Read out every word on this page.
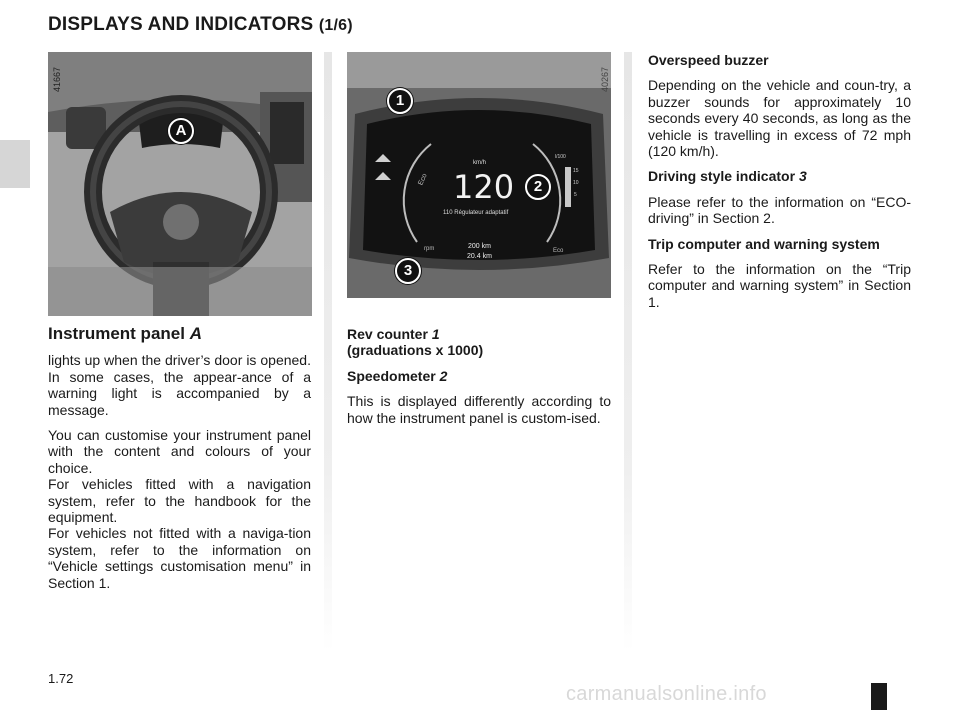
DISPLAYS AND INDICATORS (1/6)
A
41667
km/h
120
Eco
110 Régulateur adaptatif
rpm	200 km
20.4 km
Eco
l/100
15
10
5
1
2
3
40267
Instrument panel A

lights up when the driver’s door is opened. In some cases, the appear-ance of a warning light is accompanied by a message.

You can customise your instrument panel with the content and colours of your choice.

For vehicles fitted with a navigation system, refer to the handbook for the equipment.

For vehicles not fitted with a naviga-tion system, refer to the information on “Vehicle settings customisation menu” in Section 1.

Rev counter 1
(graduations x 1000)
Speedometer 2

This is displayed differently according to how the instrument panel is custom-ised.

Overspeed buzzer

Depending on the vehicle and coun-try, a buzzer sounds for approximately 10 seconds every 40 seconds, as long as the vehicle is travelling in excess of 72 mph (120 km/h).

Driving style indicator 3

Please refer to the information on “ECO-driving” in Section 2.

Trip computer and warning system

Refer to the information on the “Trip computer and warning system” in Section 1.

1.72
carmanualsonline.info
